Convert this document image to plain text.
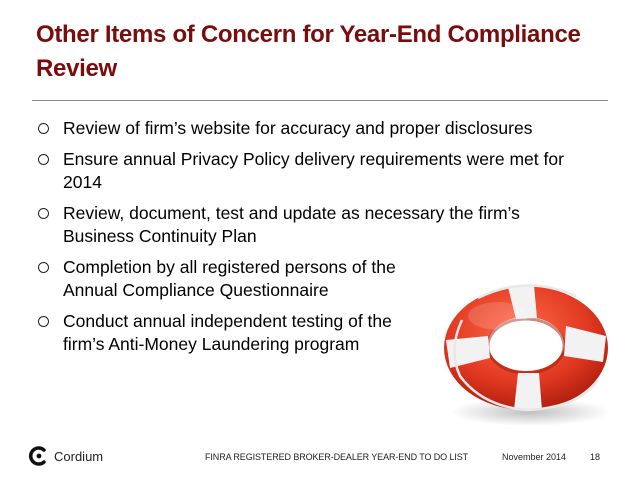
Other Items of Concern for Year-End Compliance Review
Review of firm’s website for accuracy and proper disclosures
Ensure annual Privacy Policy delivery requirements were met for 2014
Review, document, test and update as necessary the firm’s Business Continuity Plan
Completion by all registered persons of the Annual Compliance Questionnaire
Conduct annual independent testing of the firm’s Anti-Money Laundering program
Cordium	FINRA REGISTERED BROKER-DEALER YEAR-END TO DO LIST	November 2014	18
